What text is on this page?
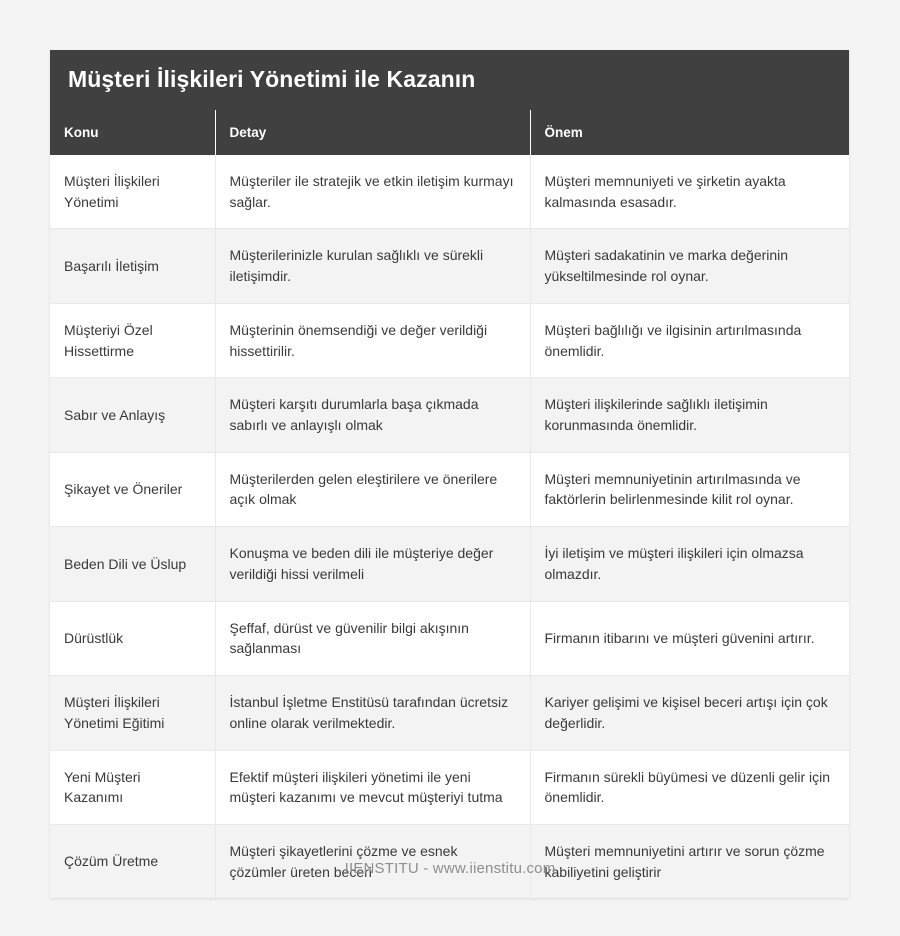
Müşteri İlişkileri Yönetimi ile Kazanın
Konu	Detay	Önem
Müşteri İlişkileri Yönetimi	Müşteriler ile stratejik ve etkin iletişim kurmayı sağlar.	Müşteri memnuniyeti ve şirketin ayakta kalmasında esasadır.
Başarılı İletişim	Müşterilerinizle kurulan sağlıklı ve sürekli iletişimdir.	Müşteri sadakatinin ve marka değerinin yükseltilmesinde rol oynar.
Müşteriyi Özel Hissettirme	Müşterinin önemsendiği ve değer verildiği hissettirilir.	Müşteri bağlılığı ve ilgisinin artırılmasında önemlidir.
Sabır ve Anlayış	Müşteri karşıtı durumlarla başa çıkmada sabırlı ve anlayışlı olmak	Müşteri ilişkilerinde sağlıklı iletişimin korunmasında önemlidir.
Şikayet ve Öneriler	Müşterilerden gelen eleştirilere ve önerilere açık olmak	Müşteri memnuniyetinin artırılmasında ve faktörlerin belirlenmesinde kilit rol oynar.
Beden Dili ve Üslup	Konuşma ve beden dili ile müşteriye değer verildiği hissi verilmeli	İyi iletişim ve müşteri ilişkileri için olmazsa olmazdır.
Dürüstlük	Şeffaf, dürüst ve güvenilir bilgi akışının sağlanması	Firmanın itibarını ve müşteri güvenini artırır.
Müşteri İlişkileri Yönetimi Eğitimi	İstanbul İşletme Enstitüsü tarafından ücretsiz online olarak verilmektedir.	Kariyer gelişimi ve kişisel beceri artışı için çok değerlidir.
Yeni Müşteri Kazanımı	Efektif müşteri ilişkileri yönetimi ile yeni müşteri kazanımı ve mevcut müşteriyi tutma	Firmanın sürekli büyümesi ve düzenli gelir için önemlidir.
Çözüm Üretme	Müşteri şikayetlerini çözme ve esnek çözümler üreten beceri	Müşteri memnuniyetini artırır ve sorun çözme kabiliyetini geliştirir
IIENSTITU - www.iienstitu.com
